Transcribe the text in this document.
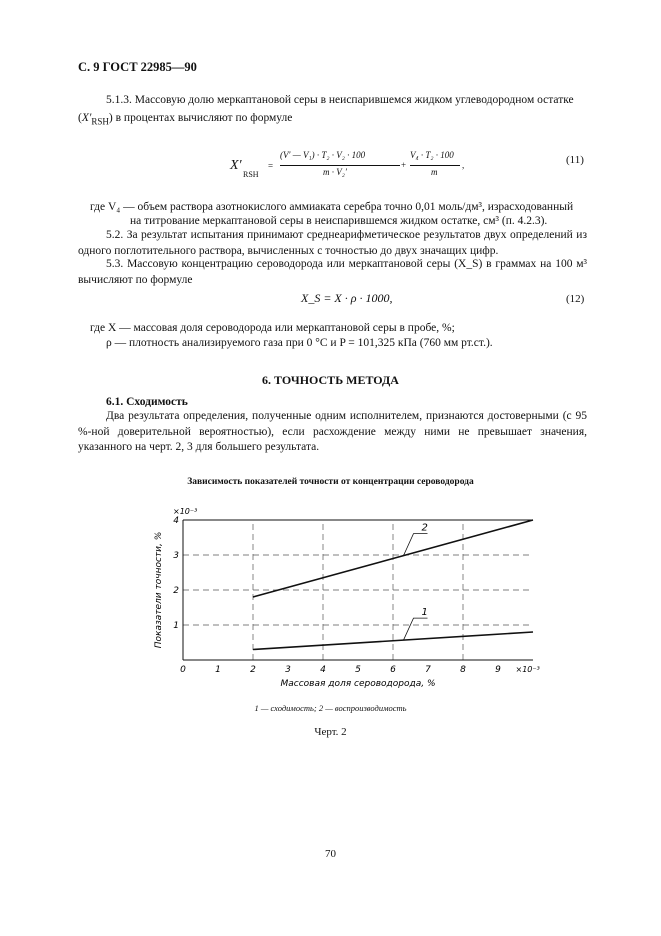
С. 9 ГОСТ 22985—90
5.1.3. Массовую долю меркаптановой серы в неиспарившемся жидком углеводородном остатке
$(X'_{RSH})$ в процентах вычисляют по формуле
X′
RSH
=
(V′ — V₁) · T₂ · V₂ · 100
m · V₂′
+
V₄ · T₂ · 100
m
,	(11)
где V₄ — объем раствора азотнокислого аммиаката серебра точно 0,01 моль/дм³, израсходованный
на титрование меркаптановой серы в неиспарившемся жидком остатке, см³ (п. 4.2.3).
5.2. За результат испытания принимают среднеарифметическое результатов двух определений из одного поглотительного раствора, вычисленных с точностью до двух значащих цифр.
5.3. Массовую концентрацию сероводорода или меркаптановой серы (X_S) в граммах на 100 м³ вычисляют по формуле
X_S = X · ρ · 1000,	(12)
где X — массовая доля сероводорода или меркаптановой серы в пробе, %;
ρ — плотность анализируемого газа при 0 °С и P = 101,325 кПа (760 мм рт.ст.).
6. ТОЧНОСТЬ МЕТОДА
6.1. Сходимость
Два результата определения, полученные одним исполнителем, признаются достоверными (с 95 %-ной доверительной вероятностью), если расхождение между ними не превышает значения, указанного на черт. 2, 3 для большего результата.
Зависимость показателей точности от концентрации сероводорода
0	1	2	3	4	5	6	7	8	9
1
2
3
4
1
2
×10⁻³
×10⁻³
Массовая доля сероводорода, %
Показатели точности, %
1 — сходимость; 2 — воспроизводимость
Черт. 2
70
